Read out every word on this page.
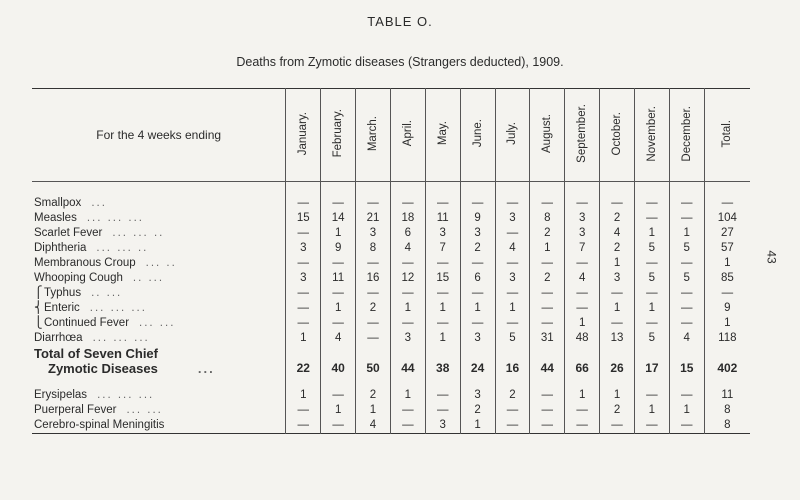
TABLE O.
Deaths from Zymotic diseases (Strangers deducted), 1909.
43
For the 4 weeks ending	January.	February.	March.	April.	May.	June.	July.	August.	September.	October.	November.	December.	Total.
Smallpox ...	—	—	—	—	—	—	—	—	—	—	—	—	—
Measles ... ... ...	15	14	21	18	11	9	3	8	3	2	—	—	104
Scarlet Fever ... ... ..	—	1	3	6	3	3	—	2	3	4	1	1	27
Diphtheria ... ... ..	3	9	8	4	7	2	4	1	7	2	5	5	57
Membranous Croup ... ..	—	—	—	—	—	—	—	—	—	1	—	—	1
Whooping Cough .. ...	3	11	16	12	15	6	3	2	4	3	5	5	85
⎧Typhus .. ...	—	—	—	—	—	—	—	—	—	—	—	—	—
⎨Enteric ... ... ...	—	1	2	1	1	1	1	—	—	1	1	—	9
⎩Continued Fever ... ...	—	—	—	—	—	—	—	—	1	—	—	—	1
Diarrhœa ... ... ...	1	4	—	3	1	3	5	31	48	13	5	4	118

Total of Seven Chief
Zymotic Diseases ...	22	40	50	44	38	24	16	44	66	26	17	15	402
Erysipelas ... ... ...	1	—	2	1	—	3	2	—	1	1	—	—	11
Puerperal Fever ... ...	—	1	1	—	—	2	—	—	—	2	1	1	8
Cerebro-spinal Meningitis	—	—	4	—	3	1	—	—	—	—	—	—	8
